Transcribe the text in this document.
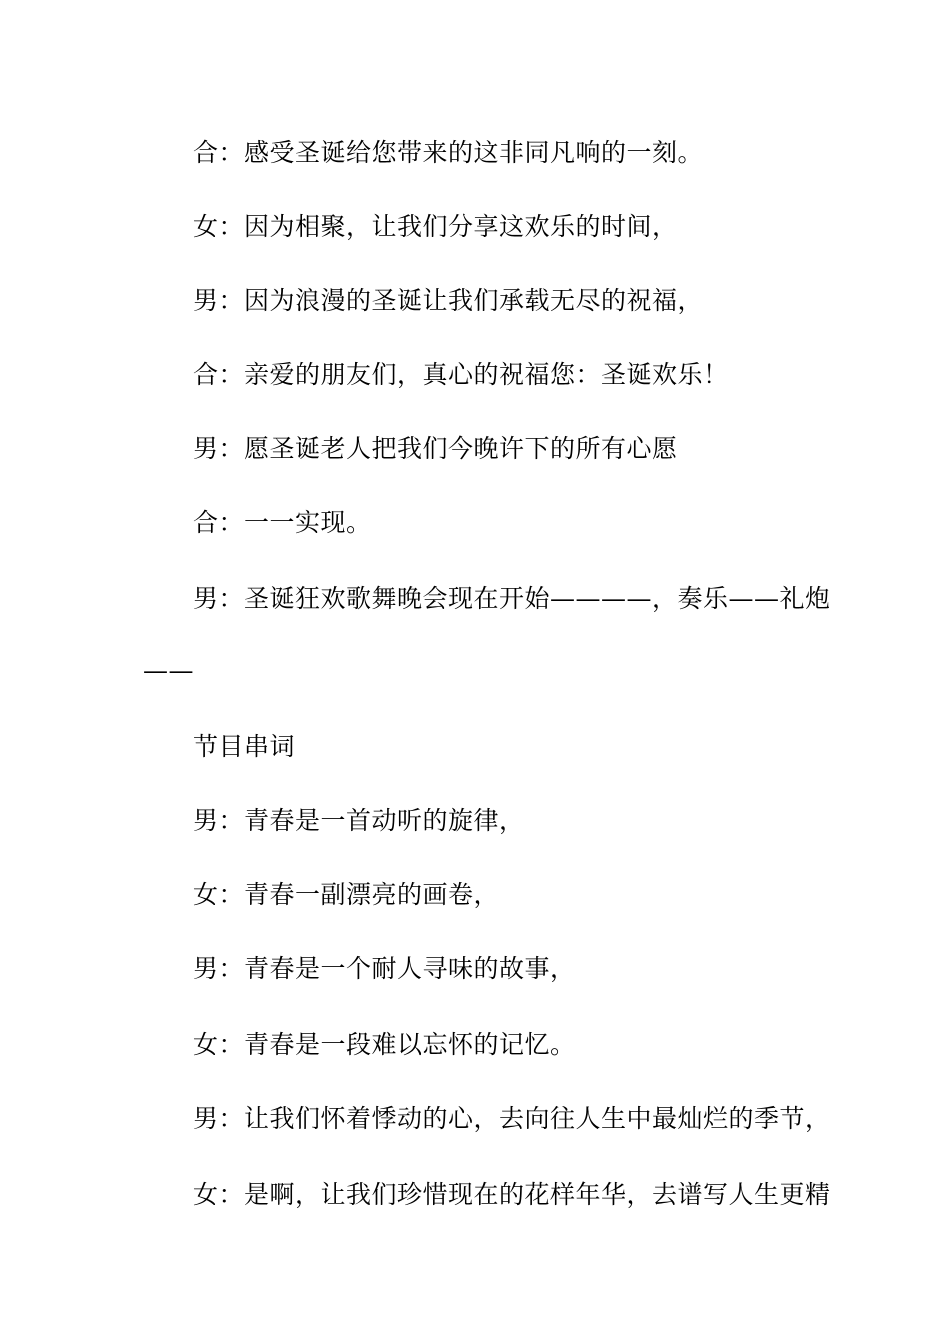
合：感受圣诞给您带来的这非同凡响的一刻。
女：因为相聚，让我们分享这欢乐的时间，
男：因为浪漫的圣诞让我们承载无尽的祝福，
合：亲爱的朋友们，真心的祝福您：圣诞欢乐！
男：愿圣诞老人把我们今晚许下的所有心愿
合：一一实现。
男：圣诞狂欢歌舞晚会现在开始————，奏乐——礼炮
——
节目串词
男：青春是一首动听的旋律，
女：青春一副漂亮的画卷，
男：青春是一个耐人寻味的故事，
女：青春是一段难以忘怀的记忆。
男：让我们怀着悸动的心，去向往人生中最灿烂的季节，
女：是啊，让我们珍惜现在的花样年华，去谱写人生更精
